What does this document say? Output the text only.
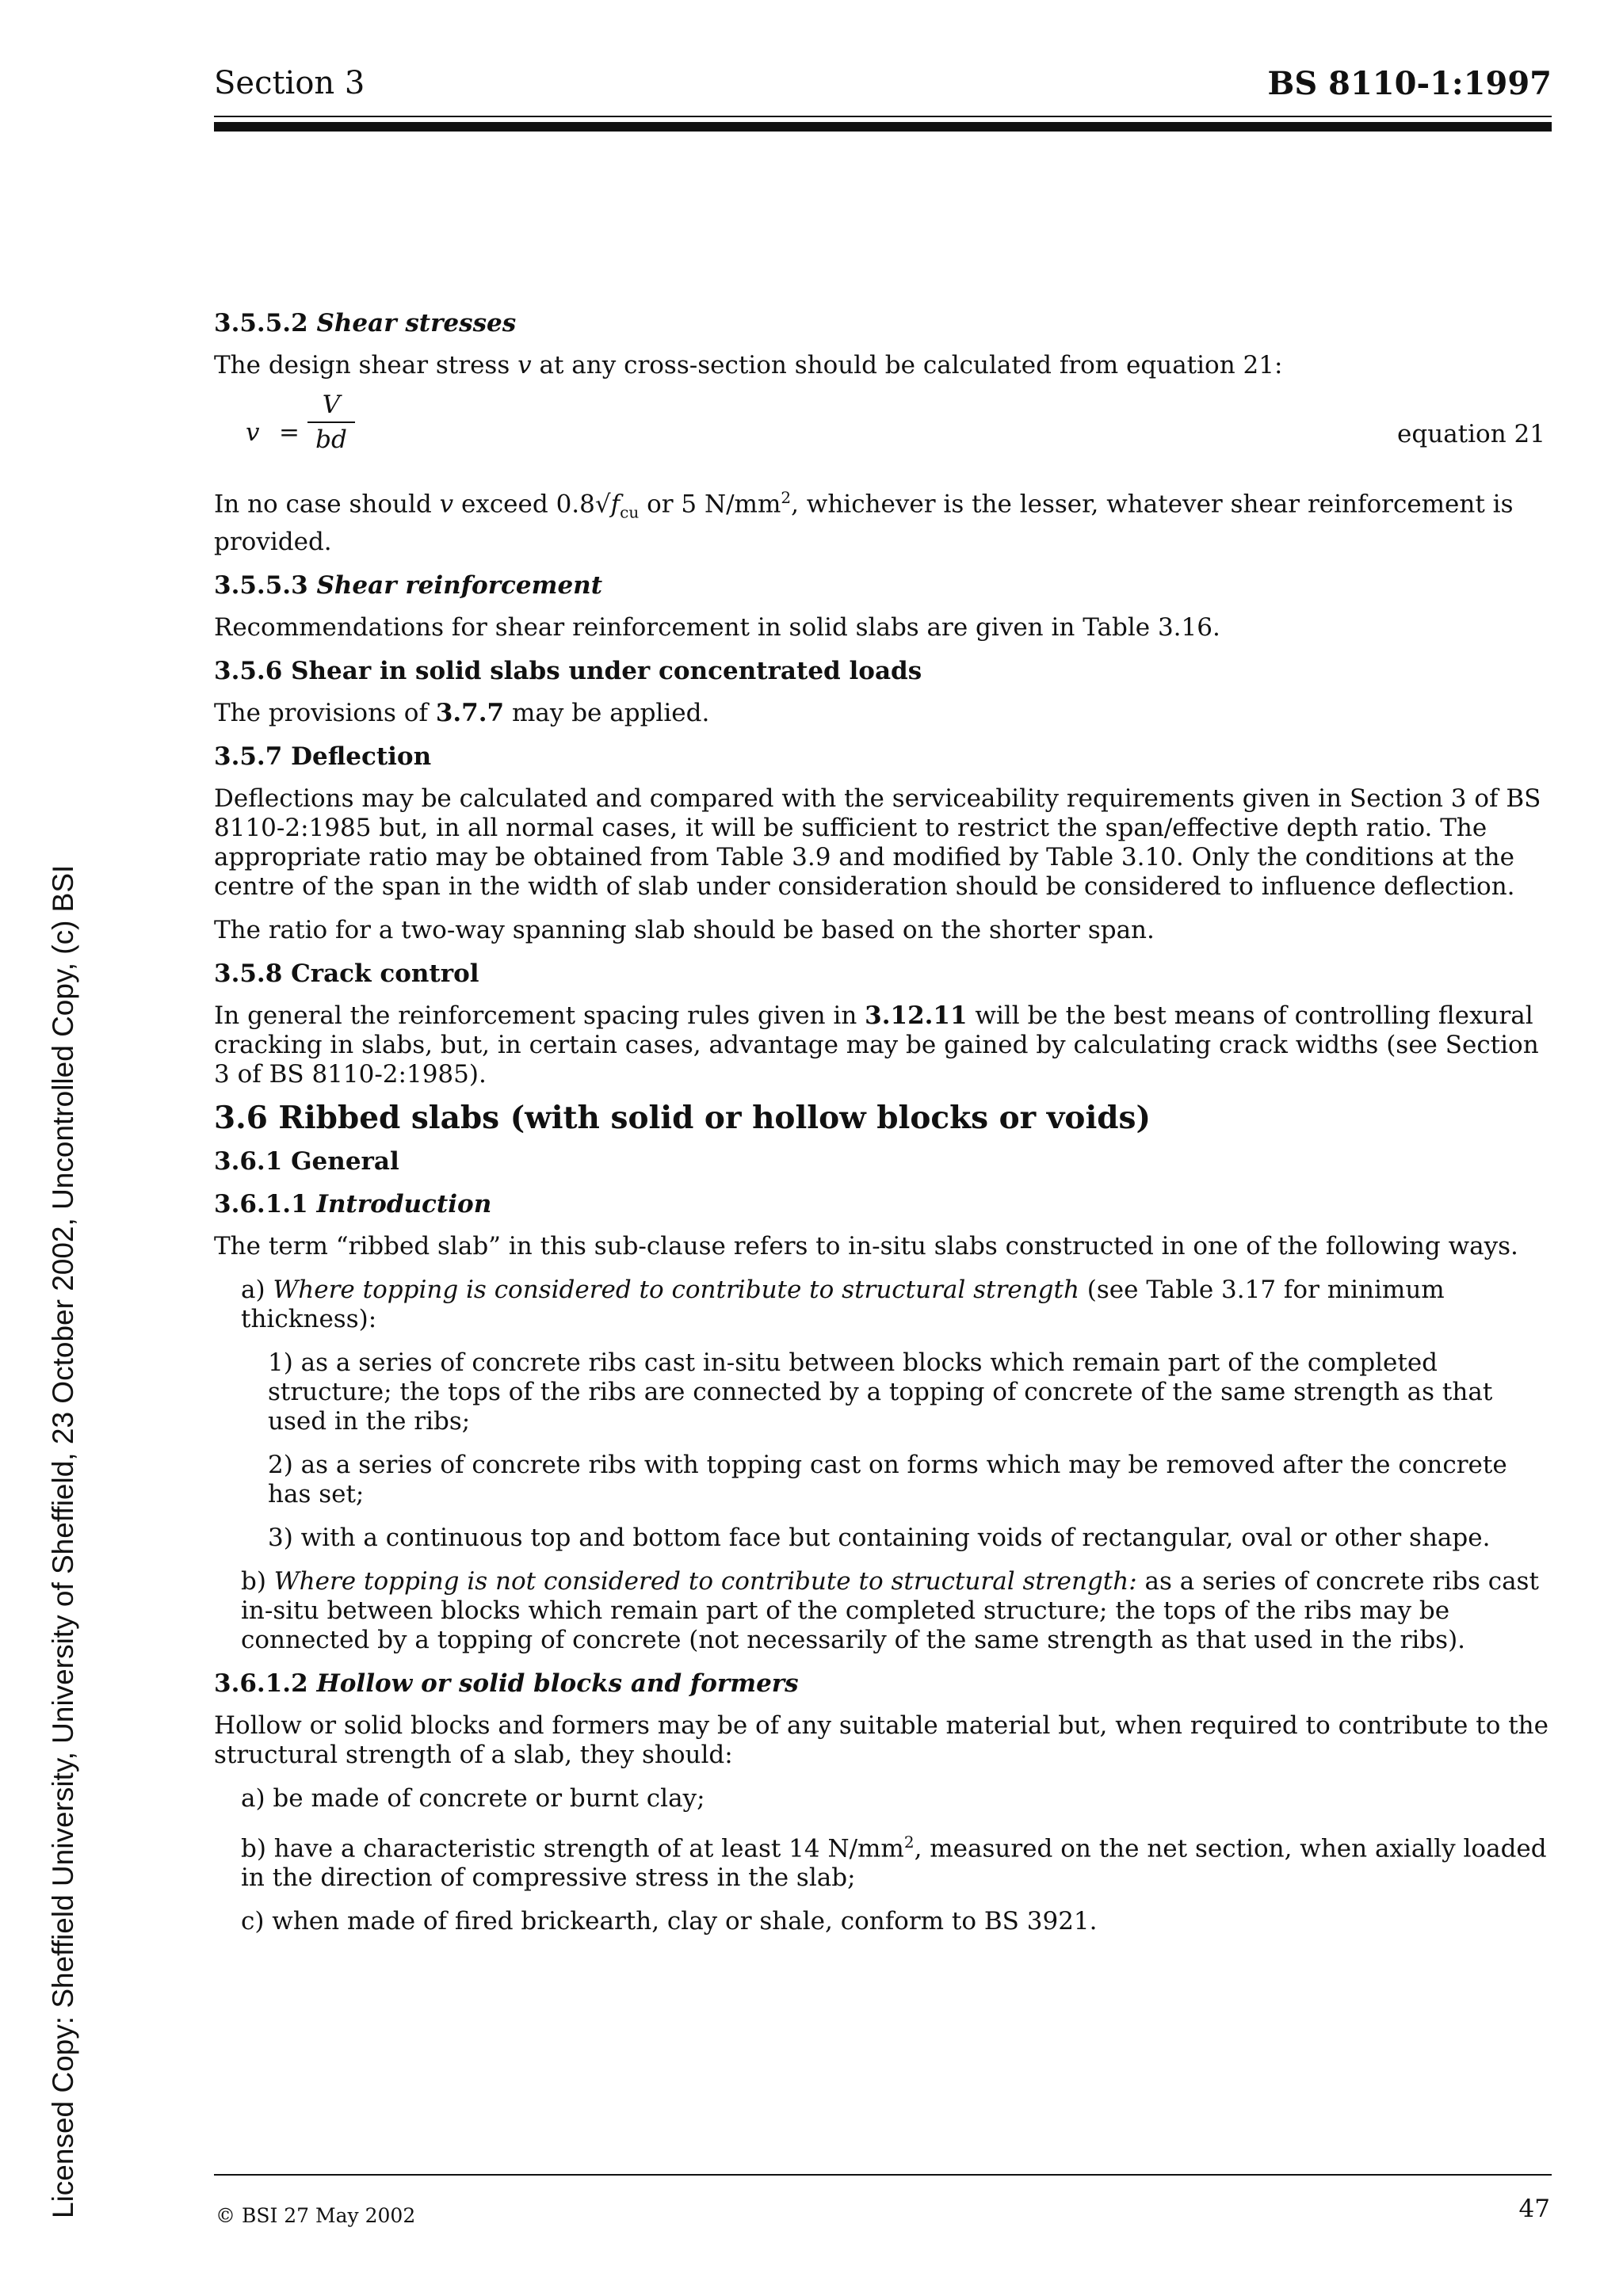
Section 3	BS 8110-1:1997
Licensed Copy: Sheffield University, University of Sheffield, 23 October 2002, Uncontrolled Copy, (c) BSI

3.5.5.2 Shear stresses

The design shear stress v at any cross-section should be calculated from equation 21:

v =
V
bd	equation 21

In no case should v exceed $0.8√f_{cu}$ or 5 $N/mm^2$, whichever is the lesser, whatever shear reinforcement is provided.

3.5.5.3 Shear reinforcement

Recommendations for shear reinforcement in solid slabs are given in Table 3.16.

3.5.6 Shear in solid slabs under concentrated loads

The provisions of 3.7.7 may be applied.

3.5.7 Deflection

Deflections may be calculated and compared with the serviceability requirements given in Section 3 of BS 8110-2:1985 but, in all normal cases, it will be sufficient to restrict the span/effective depth ratio. The appropriate ratio may be obtained from Table 3.9 and modified by Table 3.10. Only the conditions at the centre of the span in the width of slab under consideration should be considered to influence deflection.

The ratio for a two-way spanning slab should be based on the shorter span.

3.5.8 Crack control

In general the reinforcement spacing rules given in 3.12.11 will be the best means of controlling flexural cracking in slabs, but, in certain cases, advantage may be gained by calculating crack widths (see Section 3 of BS 8110-2:1985).

3.6 Ribbed slabs (with solid or hollow blocks or voids)

3.6.1 General

3.6.1.1 Introduction

The term “ribbed slab” in this sub-clause refers to in-situ slabs constructed in one of the following ways.

a) Where topping is considered to contribute to structural strength (see Table 3.17 for minimum thickness):

1) as a series of concrete ribs cast in-situ between blocks which remain part of the completed structure; the tops of the ribs are connected by a topping of concrete of the same strength as that used in the ribs;

2) as a series of concrete ribs with topping cast on forms which may be removed after the concrete has set;

3) with a continuous top and bottom face but containing voids of rectangular, oval or other shape.

b) Where topping is not considered to contribute to structural strength: as a series of concrete ribs cast in-situ between blocks which remain part of the completed structure; the tops of the ribs may be connected by a topping of concrete (not necessarily of the same strength as that used in the ribs).

3.6.1.2 Hollow or solid blocks and formers

Hollow or solid blocks and formers may be of any suitable material but, when required to contribute to the structural strength of a slab, they should:

a) be made of concrete or burnt clay;

b) have a characteristic strength of at least 14 $N/mm^2$, measured on the net section, when axially loaded in the direction of compressive stress in the slab;

c) when made of fired brickearth, clay or shale, conform to BS 3921.

© BSI 27 May 2002	47
